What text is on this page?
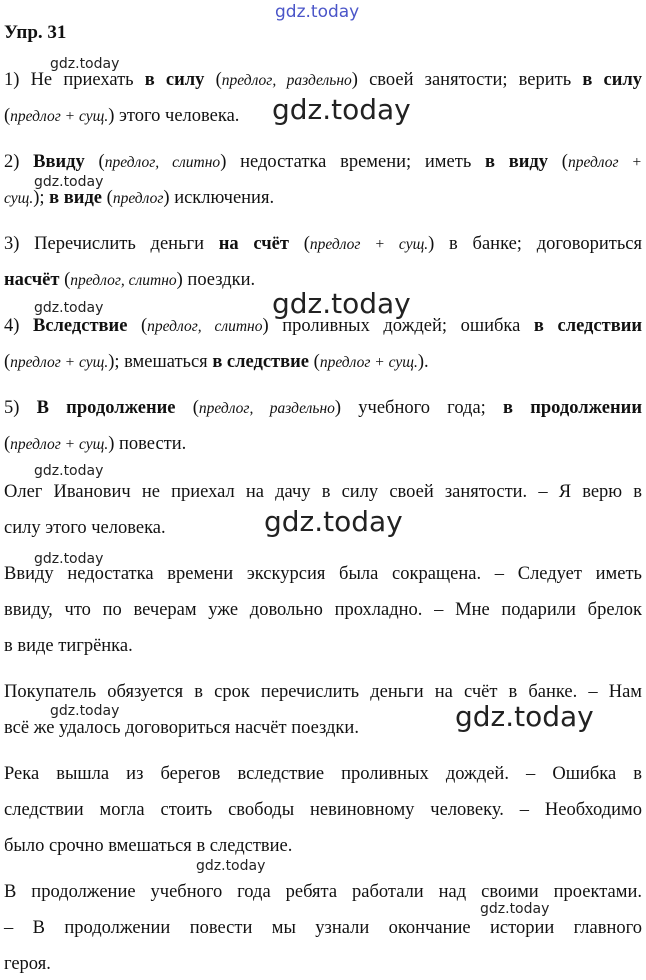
gdz.today
gdz.today
gdz.today
gdz.today
gdz.today	gdz.today
gdz.today
gdz.today
gdz.today
gdz.today	gdz.today
gdz.today
gdz.today
Упр. 31
1) Не приехать в силу (предлог, раздельно) своей занятости; верить в силу
(предлог + сущ.) этого человека.
2) Ввиду (предлог, слитно) недостатка времени; иметь в виду (предлог +
сущ.); в виде (предлог) исключения.
3) Перечислить деньги на счёт (предлог + сущ.) в банке; договориться
насчёт (предлог, слитно) поездки.
4) Вследствие (предлог, слитно) проливных дождей; ошибка в следствии
(предлог + сущ.); вмешаться в следствие (предлог + сущ.).
5) В продолжение (предлог, раздельно) учебного года; в продолжении
(предлог + сущ.) повести.
Олег Иванович не приехал на дачу в силу своей занятости. – Я верю в
силу этого человека.
Ввиду недостатка времени экскурсия была сокращена. – Следует иметь
ввиду, что по вечерам уже довольно прохладно. – Мне подарили брелок
в виде тигрёнка.
Покупатель обязуется в срок перечислить деньги на счёт в банке. – Нам
всё же удалось договориться насчёт поездки.
Река вышла из берегов вследствие проливных дождей. – Ошибка в
следствии могла стоить свободы невиновному человеку. – Необходимо
было срочно вмешаться в следствие.
В продолжение учебного года ребята работали над своими проектами.
– В продолжении повести мы узнали окончание истории главного
героя.
